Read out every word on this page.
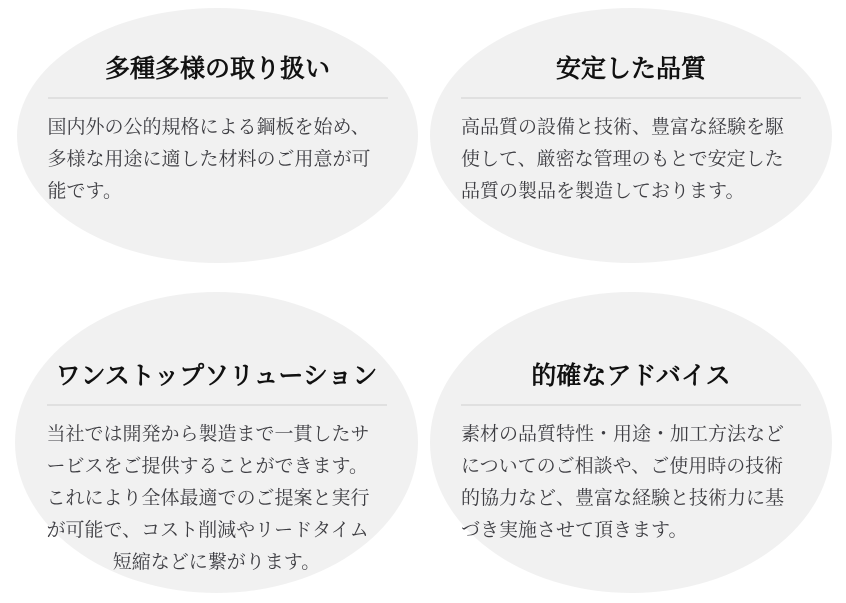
多種多様の取り扱い
国内外の公的規格による鋼板を始め、
多様な用途に適した材料のご用意が可
能です。
安定した品質
高品質の設備と技術、豊富な経験を駆
使して、厳密な管理のもとで安定した
品質の製品を製造しております。
ワンストップソリューション
当社では開発から製造まで一貫したサ
ービスをご提供することができます。
これにより全体最適でのご提案と実行
が可能で、コスト削減やリードタイム
短縮などに繋がります。
的確なアドバイス
素材の品質特性・用途・加工方法など
についてのご相談や、ご使用時の技術
的協力など、豊富な経験と技術力に基
づき実施させて頂きます。
